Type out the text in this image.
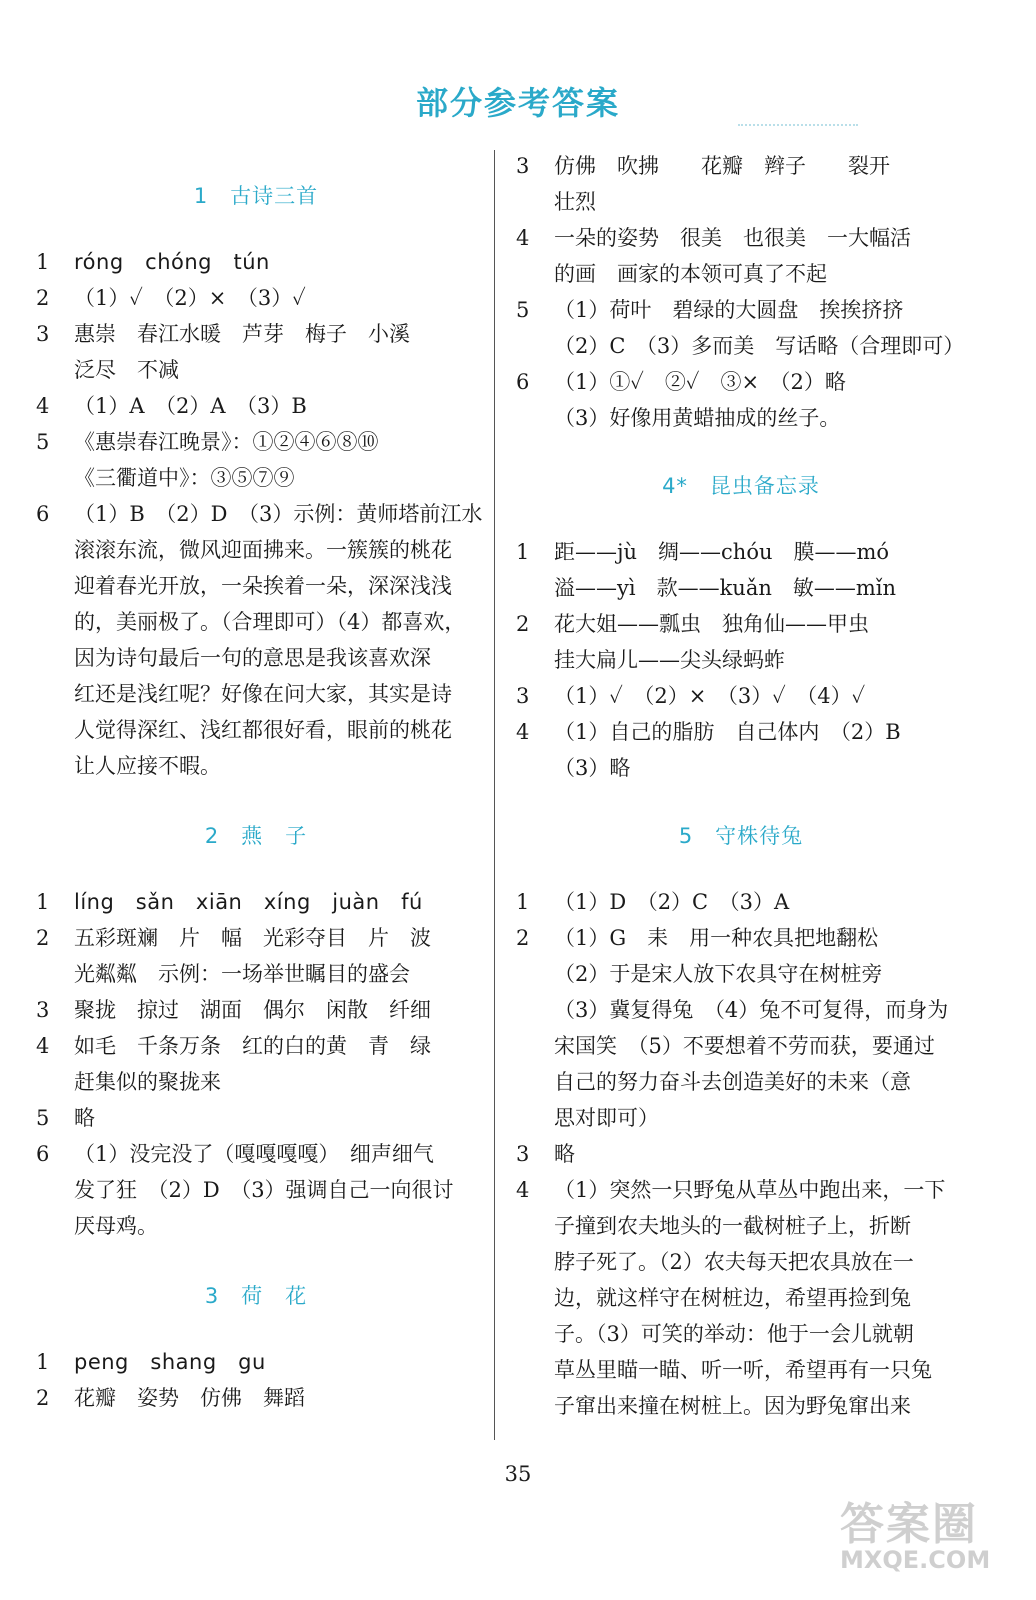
部分参考答案
1　古诗三首
1	róng　chóng　tún
2	（1）✓　（2）×　（3）✓
3	惠崇　春江水暖　芦芽　梅子　小溪
泛尽　不减
4	（1）A　（2）A　（3）B
5	《惠崇春江晚景》：①②④⑥⑧⑩
《三衢道中》：③⑤⑦⑨
6	（1）B　（2）D　（3）示例：黄师塔前江水
滚滚东流，微风迎面拂来。一簇簇的桃花
迎着春光开放，一朵挨着一朵，深深浅浅
的，美丽极了。（合理即可）（4）都喜欢，
因为诗句最后一句的意思是我该喜欢深
红还是浅红呢？好像在问大家，其实是诗
人觉得深红、浅红都很好看，眼前的桃花
让人应接不暇。
2　燕　子
1	líng　sǎn　xiān　xíng　juàn　fú
2	五彩斑斓　片　幅　光彩夺目　片　波
光粼粼　示例：一场举世瞩目的盛会
3	聚拢　掠过　湖面　偶尔　闲散　纤细
4	如毛　千条万条　红的白的黄　青　绿
赶集似的聚拢来
5	略
6	（1）没完没了（嘎嘎嘎嘎）　细声细气
发了狂　（2）D　（3）强调自己一向很讨
厌母鸡。
3　荷　花
1	peng　shang　gu
2	花瓣　姿势　仿佛　舞蹈
3	仿佛　吹拂　　花瓣　辫子　　裂开
壮烈
4	一朵的姿势　很美　也很美　一大幅活
的画　画家的本领可真了不起
5	（1）荷叶　碧绿的大圆盘　挨挨挤挤
（2）C　（3）多而美　写话略（合理即可）
6	（1）①✓　②✓　③×　（2）略
（3）好像用黄蜡抽成的丝子。
4*　昆虫备忘录
1	距——jù　绸——chóu　膜——mó
溢——yì　款——kuǎn　敏——mǐn
2	花大姐——瓢虫　独角仙——甲虫
挂大扁儿——尖头绿蚂蚱
3	（1）✓　（2）×　（3）✓　（4）✓
4	（1）自己的脂肪　自己体内　（2）B
（3）略
5　守株待兔
1	（1）D　（2）C　（3）A
2	（1）G　耒　用一种农具把地翻松
（2）于是宋人放下农具守在树桩旁
（3）冀复得兔　（4）兔不可复得，而身为
宋国笑　（5）不要想着不劳而获，要通过
自己的努力奋斗去创造美好的未来（意
思对即可）
3	略
4	（1）突然一只野兔从草丛中跑出来，一下
子撞到农夫地头的一截树桩子上，折断
脖子死了。（2）农夫每天把农具放在一
边，就这样守在树桩边，希望再捡到兔
子。（3）可笑的举动：他于一会儿就朝
草丛里瞄一瞄、听一听，希望再有一只兔
子窜出来撞在树桩上。因为野兔窜出来
35
答案圈
MXQE.COM
